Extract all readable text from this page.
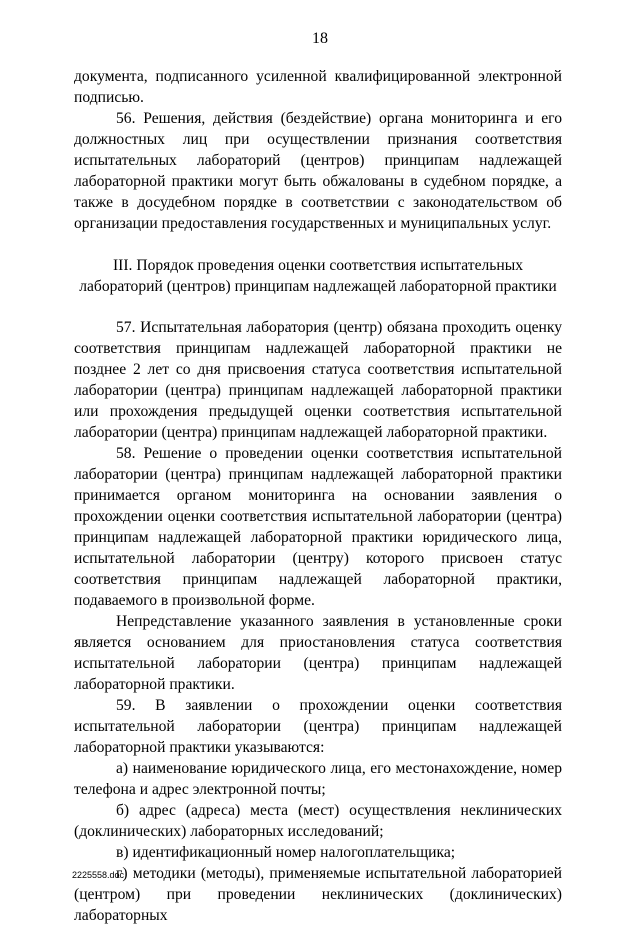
18

документа, подписанного усиленной квалифицированной электронной подписью.

56. Решения, действия (бездействие) органа мониторинга и его должностных лиц при осуществлении признания соответствия испытательных лабораторий (центров) принципам надлежащей лабораторной практики могут быть обжалованы в судебном порядке, а также в досудебном порядке в соответствии с законодательством об организации предоставления государственных и муниципальных услуг.

III. Порядок проведения оценки соответствия испытательных лабораторий (центров) принципам надлежащей лабораторной практики

57. Испытательная лаборатория (центр) обязана проходить оценку соответствия принципам надлежащей лабораторной практики не позднее 2 лет со дня присвоения статуса соответствия испытательной лаборатории (центра) принципам надлежащей лабораторной практики или прохождения предыдущей оценки соответствия испытательной лаборатории (центра) принципам надлежащей лабораторной практики.

58. Решение о проведении оценки соответствия испытательной лаборатории (центра) принципам надлежащей лабораторной практики принимается органом мониторинга на основании заявления о прохождении оценки соответствия испытательной лаборатории (центра) принципам надлежащей лабораторной практики юридического лица, испытательной лаборатории (центру) которого присвоен статус соответствия принципам надлежащей лабораторной практики, подаваемого в произвольной форме.

Непредставление указанного заявления в установленные сроки является основанием для приостановления статуса соответствия испытательной лаборатории (центра) принципам надлежащей лабораторной практики.

59. В заявлении о прохождении оценки соответствия испытательной лаборатории (центра) принципам надлежащей лабораторной практики указываются:

а) наименование юридического лица, его местонахождение, номер телефона и адрес электронной почты;

б) адрес (адреса) места (мест) осуществления неклинических (доклинических) лабораторных исследований;

в) идентификационный номер налогоплательщика;

г) методики (методы), применяемые испытательной лабораторией (центром) при проведении неклинических (доклинических) лабораторных

2225558.doc
